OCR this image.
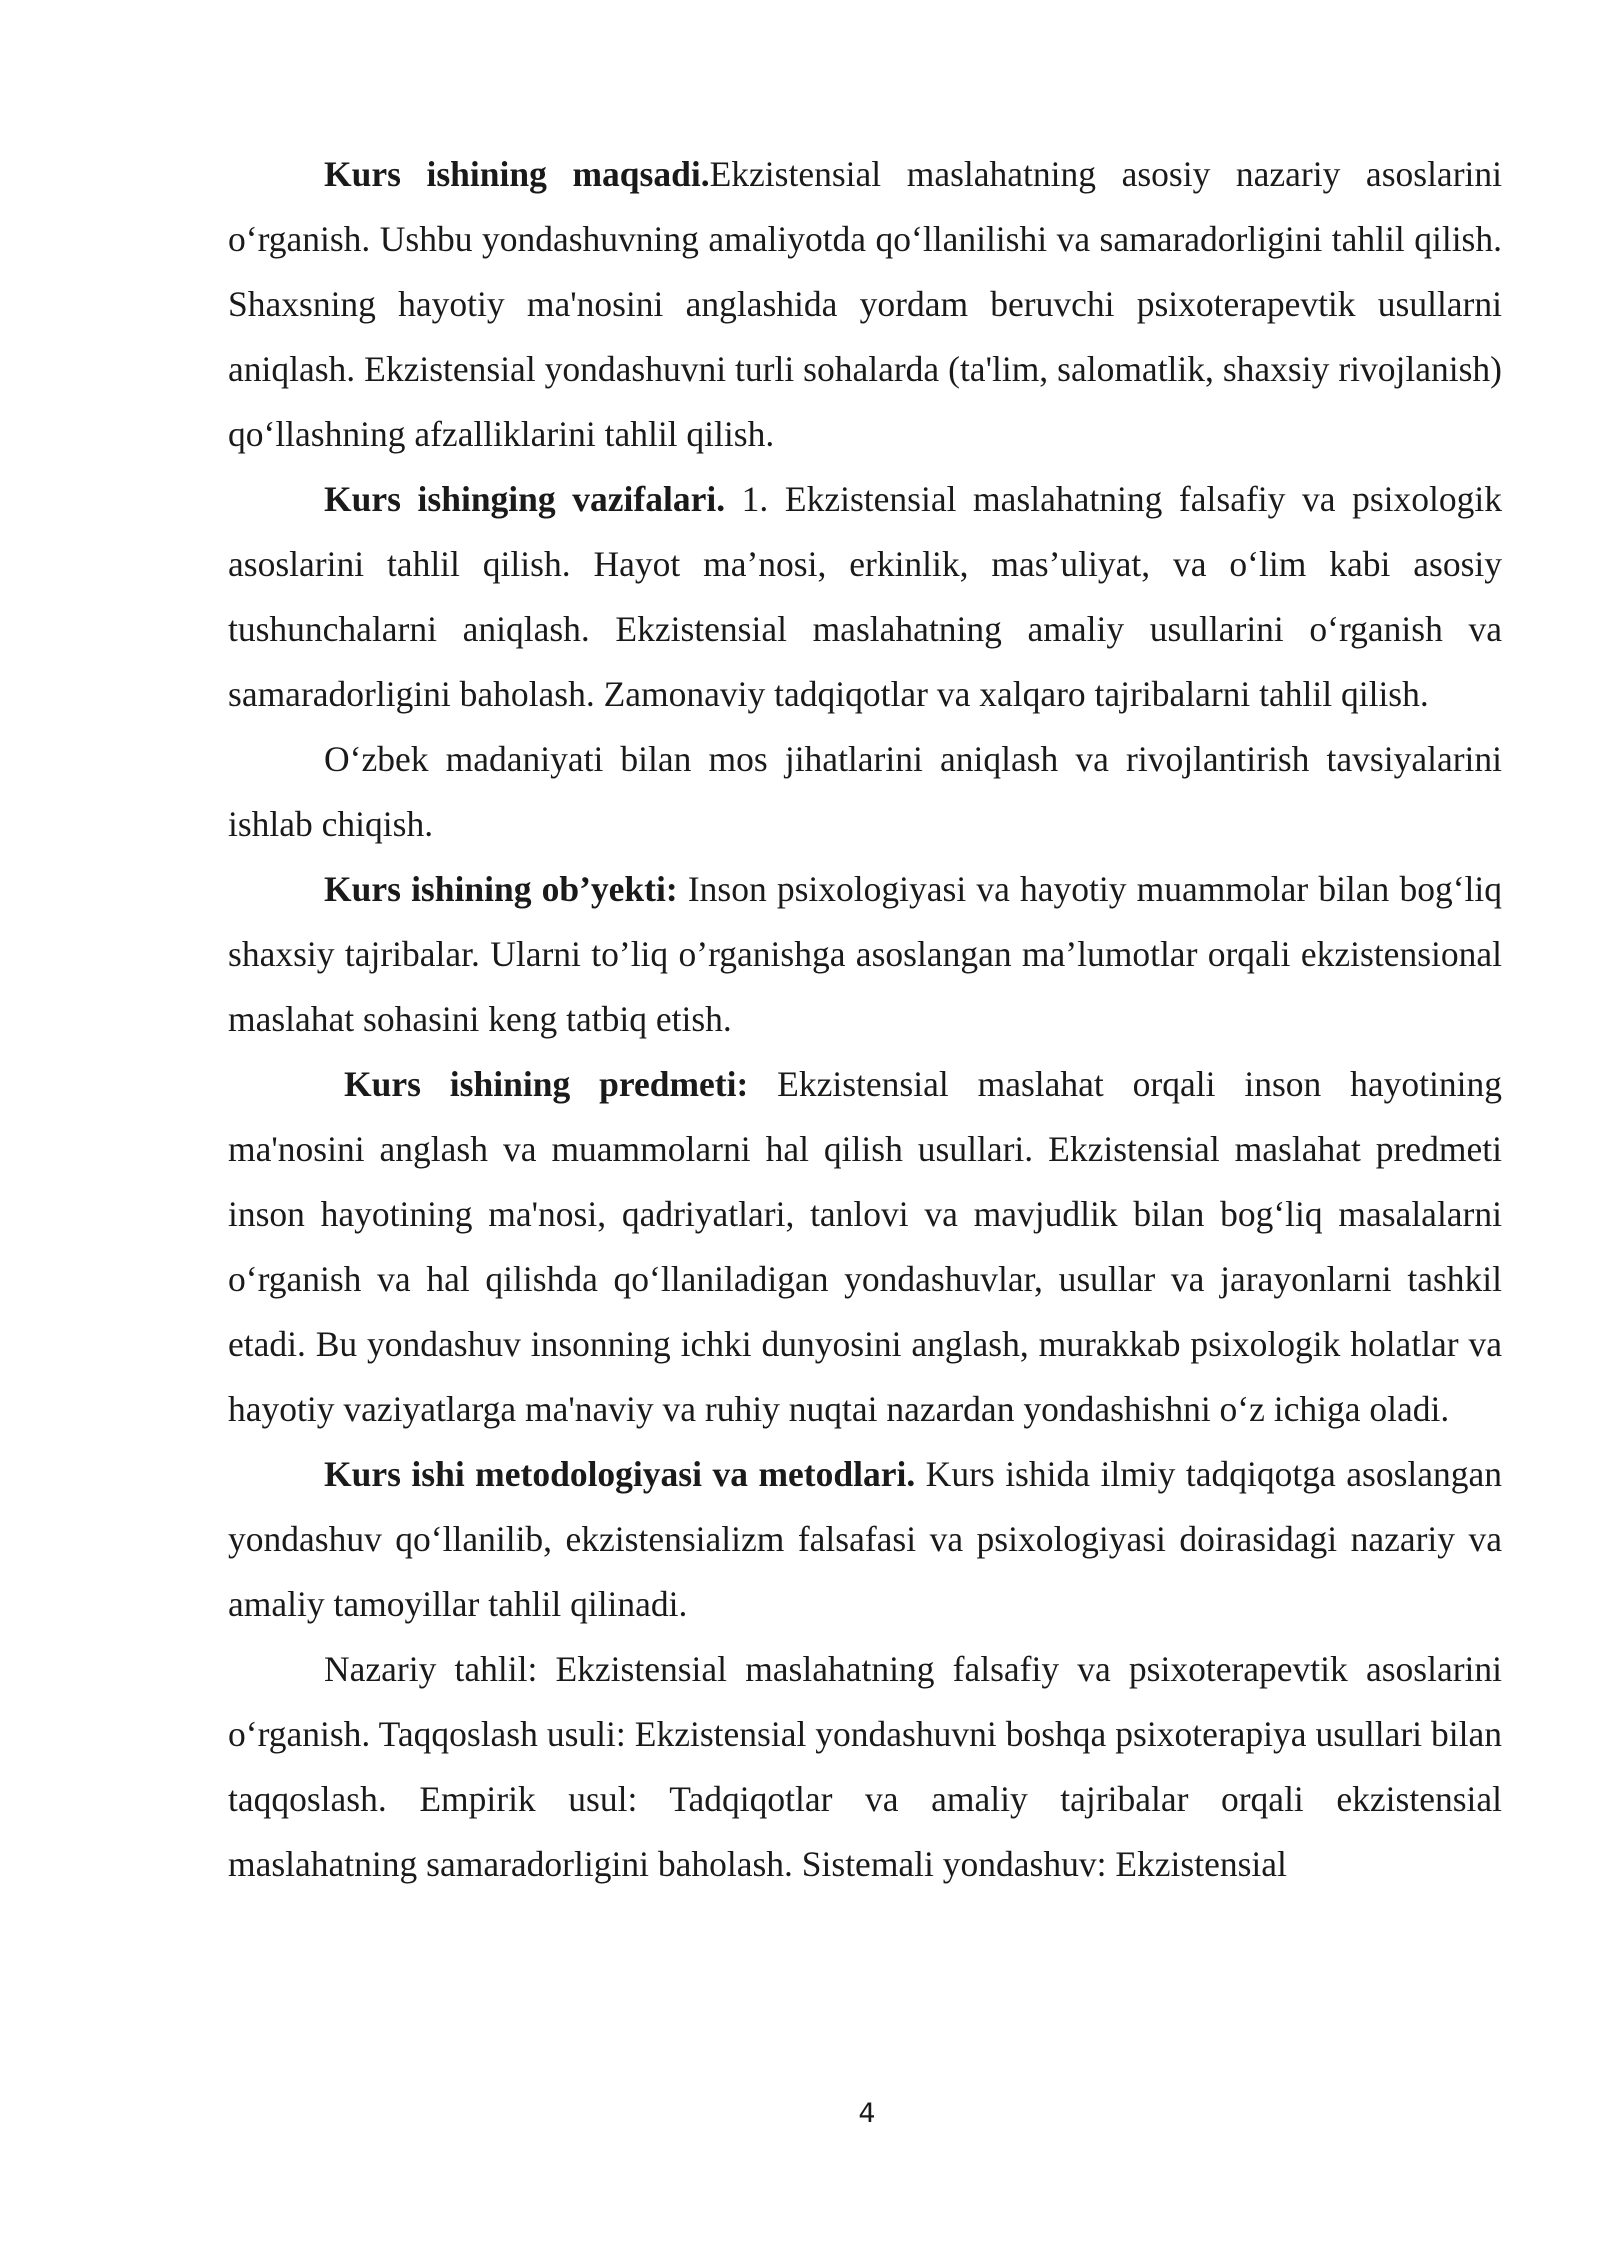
Kurs ishining maqsadi.Ekzistensial maslahatning asosiy nazariy asoslarini o‘rganish. Ushbu yondashuvning amaliyotda qo‘llanilishi va samaradorligini tahlil qilish. Shaxsning hayotiy ma'nosini anglashida yordam beruvchi psixoterapevtik usullarni aniqlash. Ekzistensial yondashuvni turli sohalarda (ta'lim, salomatlik, shaxsiy rivojlanish) qo‘llashning afzalliklarini tahlil qilish.

Kurs ishinging vazifalari. 1. Ekzistensial maslahatning falsafiy va psixologik asoslarini tahlil qilish. Hayot ma’nosi, erkinlik, mas’uliyat, va o‘lim kabi asosiy tushunchalarni aniqlash. Ekzistensial maslahatning amaliy usullarini o‘rganish va samaradorligini baholash. Zamonaviy tadqiqotlar va xalqaro tajribalarni tahlil qilish.

O‘zbek madaniyati bilan mos jihatlarini aniqlash va rivojlantirish tavsiyalarini ishlab chiqish.

Kurs ishining ob’yekti: Inson psixologiyasi va hayotiy muammolar bilan bog‘liq shaxsiy tajribalar. Ularni to’liq o’rganishga asoslangan ma’lumotlar orqali ekzistensional maslahat sohasini keng tatbiq etish.

Kurs ishining predmeti: Ekzistensial maslahat orqali inson hayotining ma'nosini anglash va muammolarni hal qilish usullari. Ekzistensial maslahat predmeti inson hayotining ma'nosi, qadriyatlari, tanlovi va mavjudlik bilan bog‘liq masalalarni o‘rganish va hal qilishda qo‘llaniladigan yondashuvlar, usullar va jarayonlarni tashkil etadi. Bu yondashuv insonning ichki dunyosini anglash, murakkab psixologik holatlar va hayotiy vaziyatlarga ma'naviy va ruhiy nuqtai nazardan yondashishni o‘z ichiga oladi.

Kurs ishi metodologiyasi va metodlari. Kurs ishida ilmiy tadqiqotga asoslangan yondashuv qo‘llanilib, ekzistensializm falsafasi va psixologiyasi doirasidagi nazariy va amaliy tamoyillar tahlil qilinadi.

Nazariy tahlil: Ekzistensial maslahatning falsafiy va psixoterapevtik asoslarini o‘rganish. Taqqoslash usuli: Ekzistensial yondashuvni boshqa psixoterapiya usullari bilan taqqoslash. Empirik usul: Tadqiqotlar va amaliy tajribalar orqali ekzistensial maslahatning samaradorligini baholash. Sistemali yondashuv: Ekzistensial

4
